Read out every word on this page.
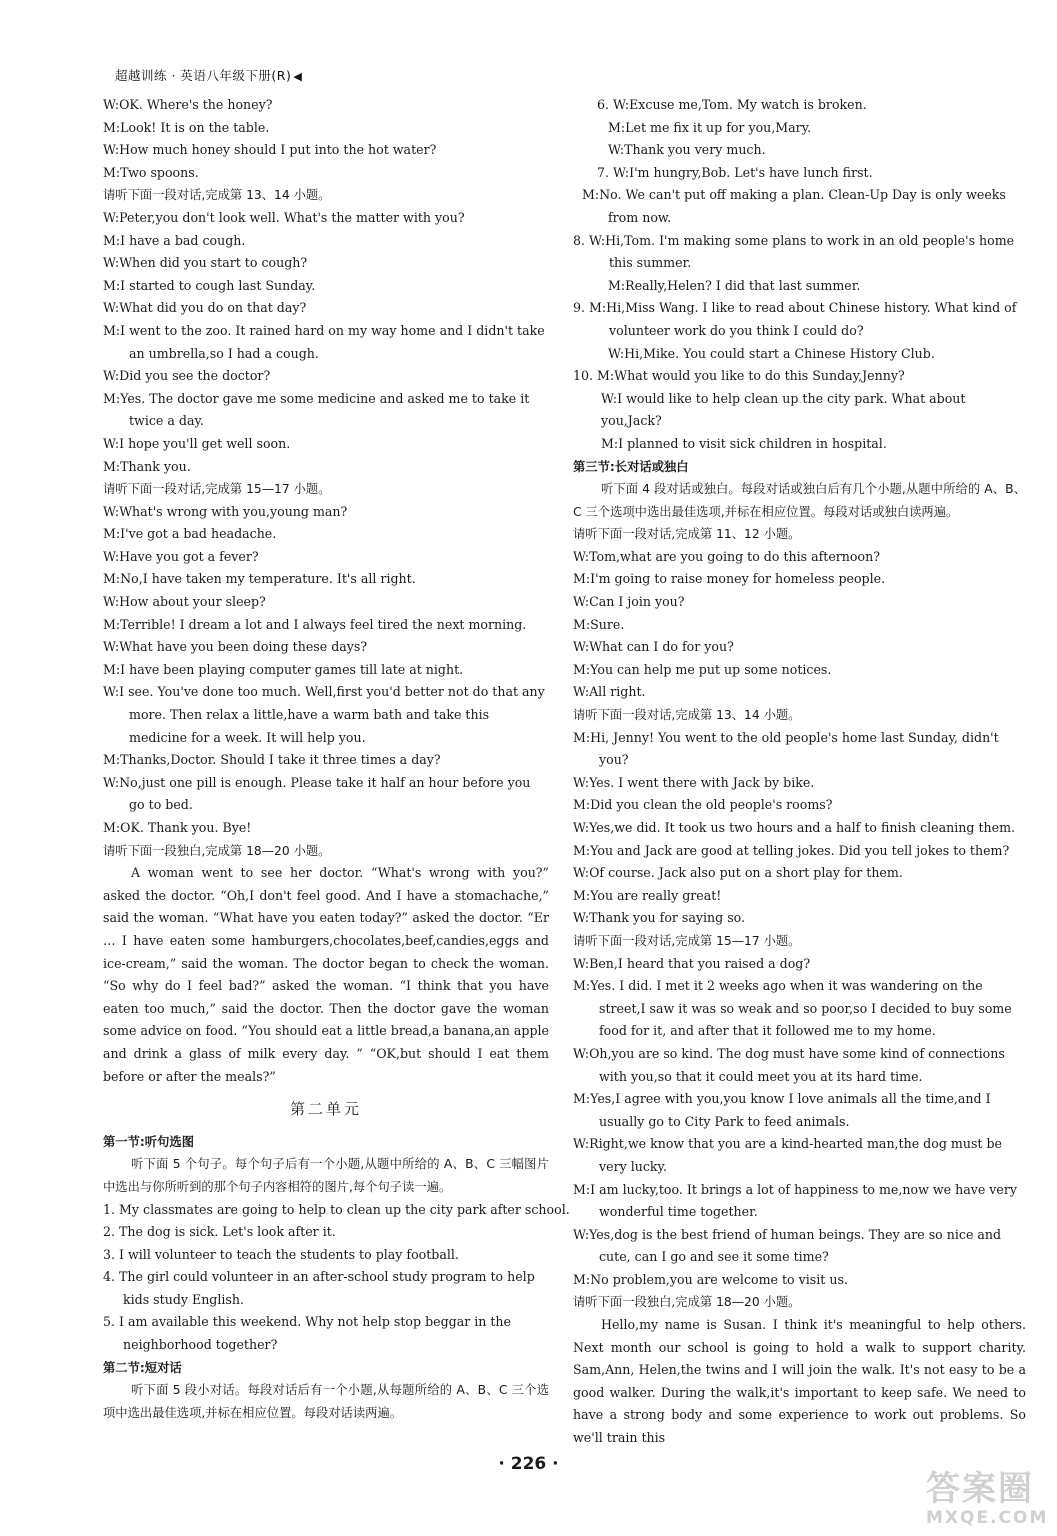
超越训练 · 英语八年级下册(R) ◀
W:OK. Where's the honey?
M:Look! It is on the table.
W:How much honey should I put into the hot water?
M:Two spoons.
请听下面一段对话,完成第 13、14 小题。
W:Peter,you don't look well. What's the matter with you?
M:I have a bad cough.
W:When did you start to cough?
M:I started to cough last Sunday.
W:What did you do on that day?
M:I went to the zoo. It rained hard on my way home and I didn't take an umbrella,so I had a cough.
W:Did you see the doctor?
M:Yes. The doctor gave me some medicine and asked me to take it twice a day.
W:I hope you'll get well soon.
M:Thank you.
请听下面一段对话,完成第 15—17 小题。
W:What's wrong with you,young man?
M:I've got a bad headache.
W:Have you got a fever?
M:No,I have taken my temperature. It's all right.
W:How about your sleep?
M:Terrible! I dream a lot and I always feel tired the next morning.
W:What have you been doing these days?
M:I have been playing computer games till late at night.
W:I see. You've done too much. Well,first you'd better not do that any more. Then relax a little,have a warm bath and take this medicine for a week. It will help you.
M:Thanks,Doctor. Should I take it three times a day?
W:No,just one pill is enough. Please take it half an hour before you go to bed.
M:OK. Thank you. Bye!
请听下面一段独白,完成第 18—20 小题。
A woman went to see her doctor. “What's wrong with you?” asked the doctor. “Oh,I don't feel good. And I have a stomachache,” said the woman. “What have you eaten today?” asked the doctor. “Er … I have eaten some hamburgers,chocolates,beef,candies,eggs and ice-cream,” said the woman. The doctor began to check the woman. “So why do I feel bad?” asked the woman. “I think that you have eaten too much,” said the doctor. Then the doctor gave the woman some advice on food. “You should eat a little bread,a banana,an apple and drink a glass of milk every day. ” “OK,but should I eat them before or after the meals?”
第二单元
第一节:听句选图
听下面 5 个句子。每个句子后有一个小题,从题中所给的 A、B、C 三幅图片中选出与你所听到的那个句子内容相符的图片,每个句子读一遍。
1. My classmates are going to help to clean up the city park after school.
2. The dog is sick. Let's look after it.
3. I will volunteer to teach the students to play football.
4. The girl could volunteer in an after-school study program to help kids study English.
5. I am available this weekend. Why not help stop beggar in the neighborhood together?
第二节:短对话
听下面 5 段小对话。每段对话后有一个小题,从每题所给的 A、B、C 三个选项中选出最佳选项,并标在相应位置。每段对话读两遍。
6. W:Excuse me,Tom. My watch is broken.
M:Let me fix it up for you,Mary.
W:Thank you very much.
7. W:I'm hungry,Bob. Let's have lunch first.
M:No. We can't put off making a plan. Clean-Up Day is only weeks from now.
8. W:Hi,Tom. I'm making some plans to work in an old people's home this summer.
M:Really,Helen? I did that last summer.
9. M:Hi,Miss Wang. I like to read about Chinese history. What kind of volunteer work do you think I could do?
W:Hi,Mike. You could start a Chinese History Club.
10. M:What would you like to do this Sunday,Jenny?
W:I would like to help clean up the city park. What about you,Jack?
M:I planned to visit sick children in hospital.
第三节:长对话或独白
听下面 4 段对话或独白。每段对话或独白后有几个小题,从题中所给的 A、B、C 三个选项中选出最佳选项,并标在相应位置。每段对话或独白读两遍。
请听下面一段对话,完成第 11、12 小题。
W:Tom,what are you going to do this afternoon?
M:I'm going to raise money for homeless people.
W:Can I join you?
M:Sure.
W:What can I do for you?
M:You can help me put up some notices.
W:All right.
请听下面一段对话,完成第 13、14 小题。
M:Hi, Jenny! You went to the old people's home last Sunday, didn't you?
W:Yes. I went there with Jack by bike.
M:Did you clean the old people's rooms?
W:Yes,we did. It took us two hours and a half to finish cleaning them.
M:You and Jack are good at telling jokes. Did you tell jokes to them?
W:Of course. Jack also put on a short play for them.
M:You are really great!
W:Thank you for saying so.
请听下面一段对话,完成第 15—17 小题。
W:Ben,I heard that you raised a dog?
M:Yes. I did. I met it 2 weeks ago when it was wandering on the street,I saw it was so weak and so poor,so I decided to buy some food for it, and after that it followed me to my home.
W:Oh,you are so kind. The dog must have some kind of connections with you,so that it could meet you at its hard time.
M:Yes,I agree with you,you know I love animals all the time,and I usually go to City Park to feed animals.
W:Right,we know that you are a kind-hearted man,the dog must be very lucky.
M:I am lucky,too. It brings a lot of happiness to me,now we have very wonderful time together.
W:Yes,dog is the best friend of human beings. They are so nice and cute, can I go and see it some time?
M:No problem,you are welcome to visit us.
请听下面一段独白,完成第 18—20 小题。
Hello,my name is Susan. I think it's meaningful to help others. Next month our school is going to hold a walk to support charity. Sam,Ann, Helen,the twins and I will join the walk. It's not easy to be a good walker. During the walk,it's important to keep safe. We need to have a strong body and some experience to work out problems. So we'll train this
· 226 ·
答案圈
MXQE.COM
